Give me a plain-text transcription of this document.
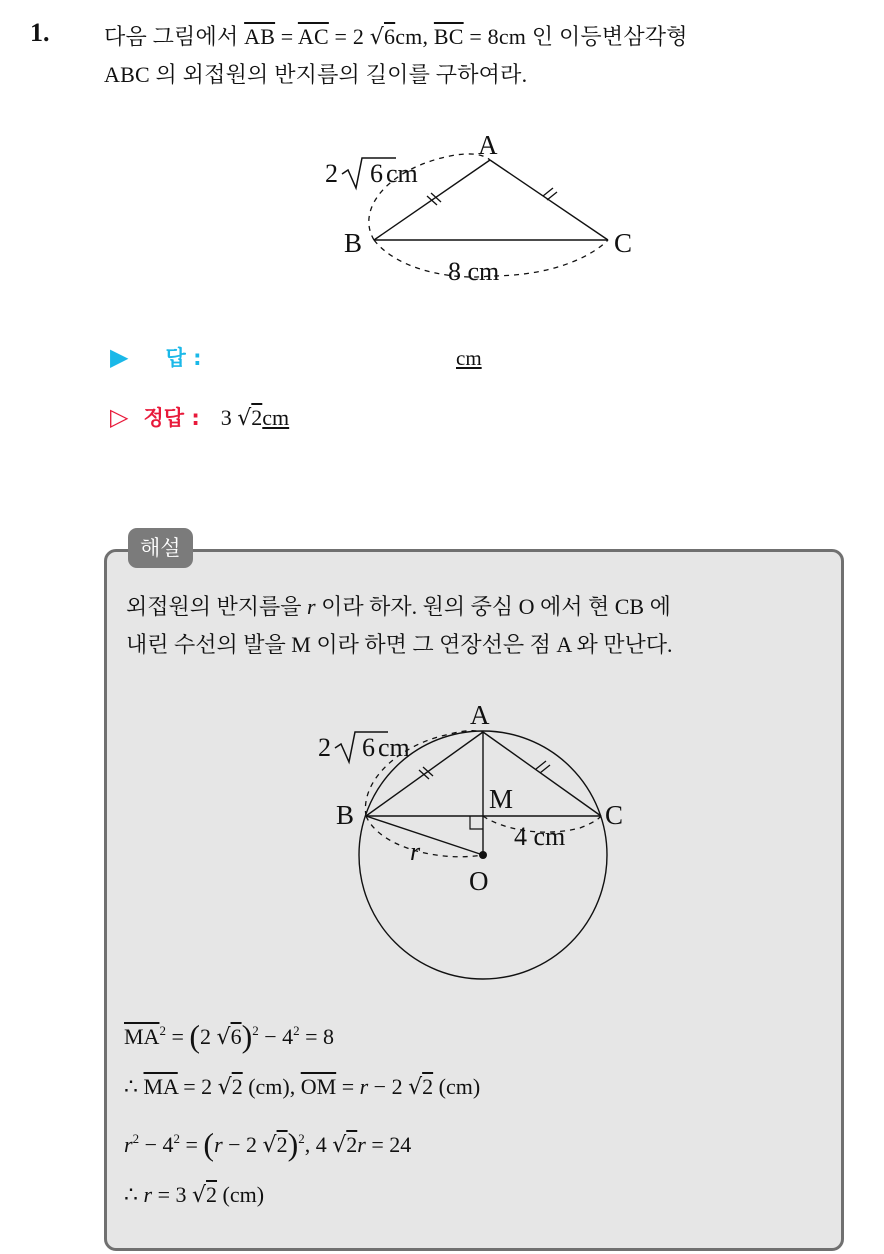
1. 다음 그림에서 $\overline{AB} = \overline{AC} = 2$ √6cm, $\overline{BC} = 8cm$ 인 이등변삼각형
ABC 의 외접원의 반지름의 길이를 구하여라.
A
B	C
2 6 cm
8 cm
▶ 답 :	cm
▷ 정답 : 3 √2cm
해설
외접원의 반지름을 r 이라 하자. 원의 중심 O 에서 현 CB 에
내린 수선의 발을 M 이라 하면 그 연장선은 점 A 와 만난다.
A
B	C
M
O
r
2 6 cm
4 cm
$\overline{MA}^2 = (2$ $√6)^2 - 4^2 = 8$
∴ $\overline{MA} = 2$ √2 (cm), $\overline{OM} = r - 2$ √2 (cm)
$r^2 - 4^2 = (r - 2$ √2)$^2$, 4 √2r = 24
∴ r = 3 √2 (cm)
